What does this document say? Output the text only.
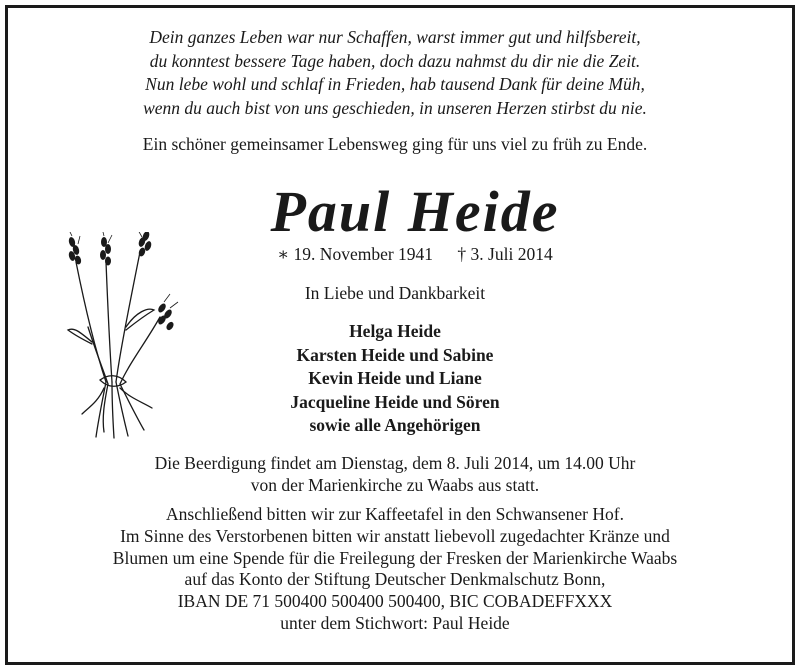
Dein ganzes Leben war nur Schaffen, warst immer gut und hilfsbereit,
du konntest bessere Tage haben, doch dazu nahmst du dir nie die Zeit.
Nun lebe wohl und schlaf in Frieden, hab tausend Dank für deine Müh,
wenn du auch bist von uns geschieden, in unseren Herzen stirbst du nie.
Ein schöner gemeinsamer Lebensweg ging für uns viel zu früh zu Ende.
Paul Heide
∗ 19. November 1941 † 3. Juli 2014
In Liebe und Dankbarkeit
Helga Heide
Karsten Heide und Sabine
Kevin Heide und Liane
Jacqueline Heide und Sören
sowie alle Angehörigen
Die Beerdigung findet am Dienstag, dem 8. Juli 2014, um 14.00 Uhr
von der Marienkirche zu Waabs aus statt.
Anschließend bitten wir zur Kaffeetafel in den Schwansener Hof.
Im Sinne des Verstorbenen bitten wir anstatt liebevoll zugedachter Kränze und
Blumen um eine Spende für die Freilegung der Fresken der Marienkirche Waabs
auf das Konto der Stiftung Deutscher Denkmalschutz Bonn,
IBAN DE 71 500400 500400 500400, BIC COBADEFFXXX
unter dem Stichwort: Paul Heide
